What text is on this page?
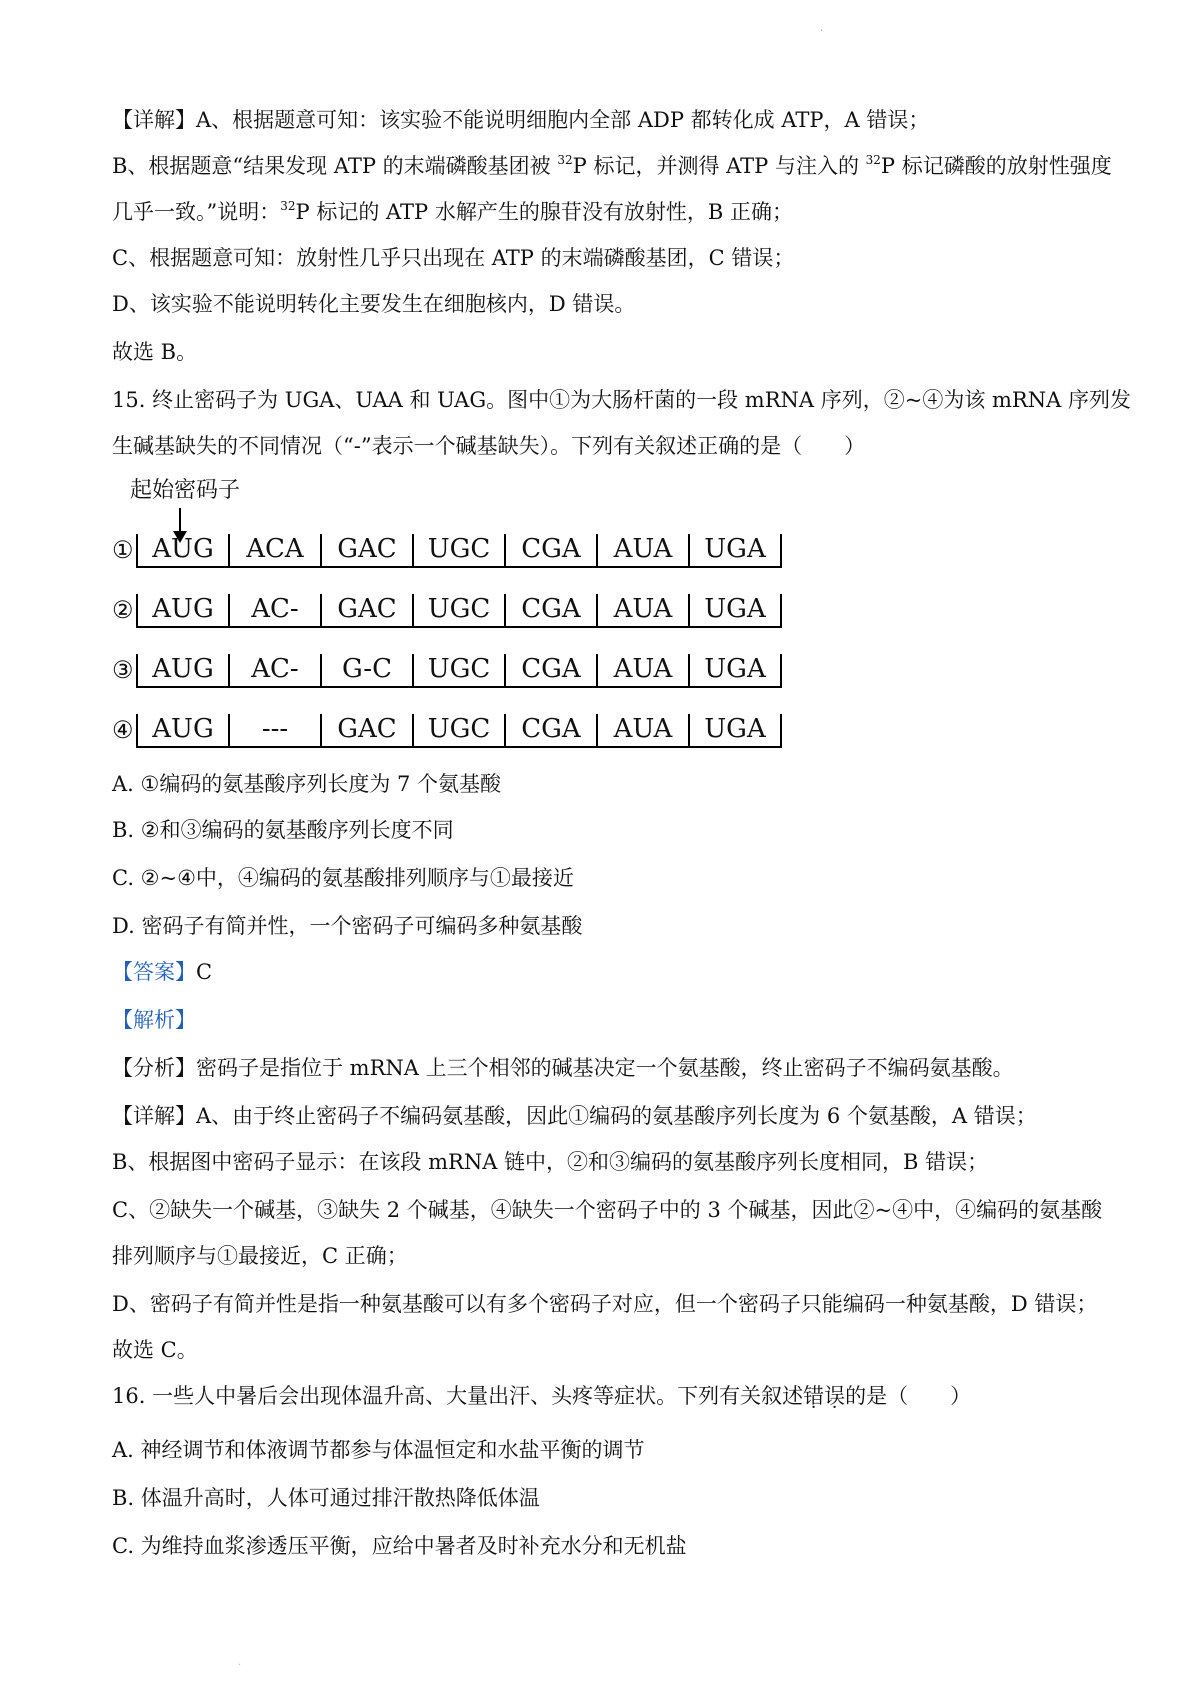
·
【详解】A、根据题意可知：该实验不能说明细胞内全部 ADP 都转化成 ATP，A 错误；
B、根据题意“结果发现 ATP 的末端磷酸基团被 $^{32}$P 标记，并测得 ATP 与注入的 $^{32}$P 标记磷酸的放射性强度
几乎一致。”说明：$^{32}$P 标记的 ATP 水解产生的腺苷没有放射性，B 正确；
C、根据题意可知：放射性几乎只出现在 ATP 的末端磷酸基团，C 错误；
D、该实验不能说明转化主要发生在细胞核内，D 错误。
故选 B。
15. 终止密码子为 UGA、UAA 和 UAG。图中①为大肠杆菌的一段 mRNA 序列，②~④为该 mRNA 序列发
生碱基缺失的不同情况（“-”表示一个碱基缺失）。下列有关叙述正确的是（　　）
起始密码子
① AUG	ACA	GAC	UGC	CGA	AUA	UGA
② AUG	AC-	GAC	UGC	CGA	AUA	UGA
③ AUG	AC-	G-C	UGC	CGA	AUA	UGA
④ AUG	---	GAC	UGC	CGA	AUA	UGA
A. ①编码的氨基酸序列长度为 7 个氨基酸
B. ②和③编码的氨基酸序列长度不同
C. ②~④中，④编码的氨基酸排列顺序与①最接近
D. 密码子有简并性，一个密码子可编码多种氨基酸
【答案】C
【解析】
【分析】密码子是指位于 mRNA 上三个相邻的碱基决定一个氨基酸，终止密码子不编码氨基酸。
【详解】A、由于终止密码子不编码氨基酸，因此①编码的氨基酸序列长度为 6 个氨基酸，A 错误；
B、根据图中密码子显示：在该段 mRNA 链中，②和③编码的氨基酸序列长度相同，B 错误；
C、②缺失一个碱基，③缺失 2 个碱基，④缺失一个密码子中的 3 个碱基，因此②~④中，④编码的氨基酸
排列顺序与①最接近，C 正确；
D、密码子有简并性是指一种氨基酸可以有多个密码子对应，但一个密码子只能编码一种氨基酸，D 错误；
故选 C。
16. 一些人中暑后会出现体温升高、大量出汗、头疼等症状。下列有关叙述错误的是（　　）
A. 神经调节和体液调节都参与体温恒定和水盐平衡的调节
B. 体温升高时，人体可通过排汗散热降低体温
C. 为维持血浆渗透压平衡，应给中暑者及时补充水分和无机盐
·
